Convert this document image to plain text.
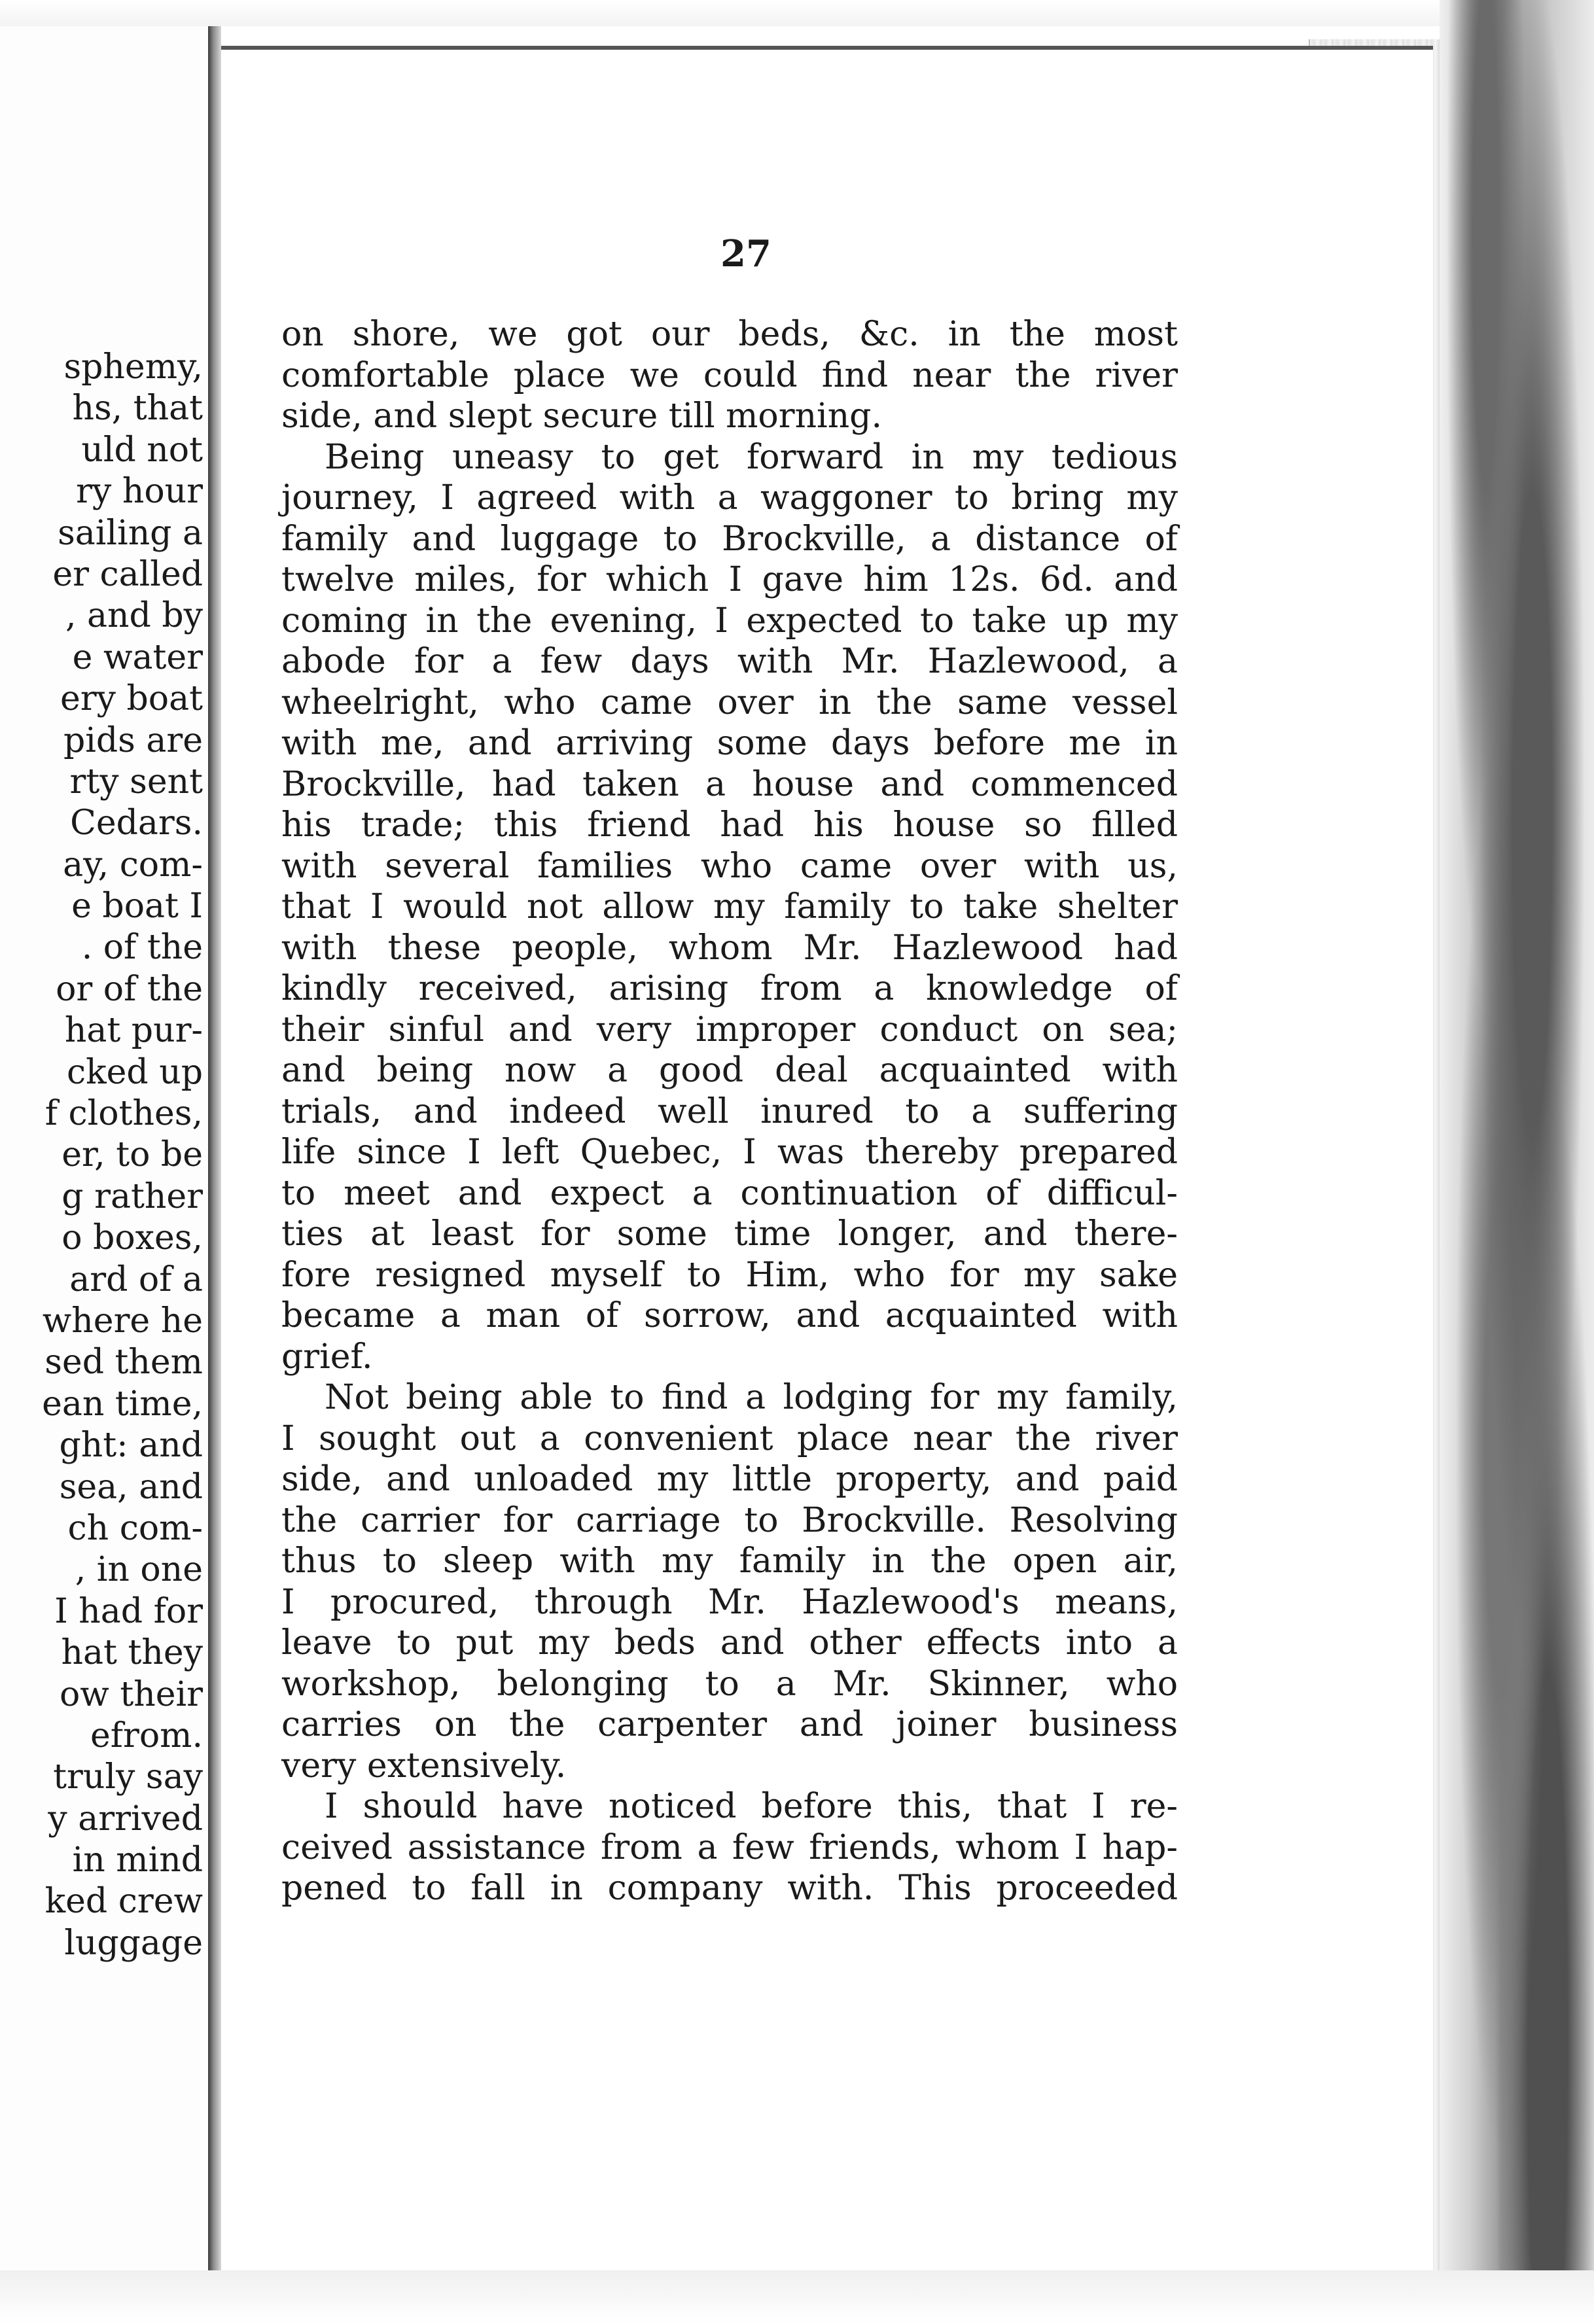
sphemy,
hs, that
uld not
ry hour
sailing a
er called
, and by
e water
ery boat
pids are
rty sent
Cedars.
ay, com-
e boat I
. of the
or of the
hat pur-
cked up
f clothes,
er, to be
g rather
o boxes,
ard of a
where he
sed them
ean time,
ght: and
sea, and
ch com-
, in one
I had for
hat they
ow their
efrom.
truly say
y arrived
in mind
ked crew
luggage
27
on shore, we got our beds, &c. in the most
comfortable place we could find near the river
side, and slept secure till morning.
Being uneasy to get forward in my tedious
journey, I agreed with a waggoner to bring my
family and luggage to Brockville, a distance of
twelve miles, for which I gave him 12s. 6d. and
coming in the evening, I expected to take up my
abode for a few days with Mr. Hazlewood, a
wheelright, who came over in the same vessel
with me, and arriving some days before me in
Brockville, had taken a house and commenced
his trade; this friend had his house so filled
with several families who came over with us,
that I would not allow my family to take shelter
with these people, whom Mr. Hazlewood had
kindly received, arising from a knowledge of
their sinful and very improper conduct on sea;
and being now a good deal acquainted with
trials, and indeed well inured to a suffering
life since I left Quebec, I was thereby prepared
to meet and expect a continuation of difficul-
ties at least for some time longer, and there-
fore resigned myself to Him, who for my sake
became a man of sorrow, and acquainted with
grief.
Not being able to find a lodging for my family,
I sought out a convenient place near the river
side, and unloaded my little property, and paid
the carrier for carriage to Brockville. Resolving
thus to sleep with my family in the open air,
I procured, through Mr. Hazlewood's means,
leave to put my beds and other effects into a
workshop, belonging to a Mr. Skinner, who
carries on the carpenter and joiner business
very extensively.
I should have noticed before this, that I re-
ceived assistance from a few friends, whom I hap-
pened to fall in company with. This proceeded
